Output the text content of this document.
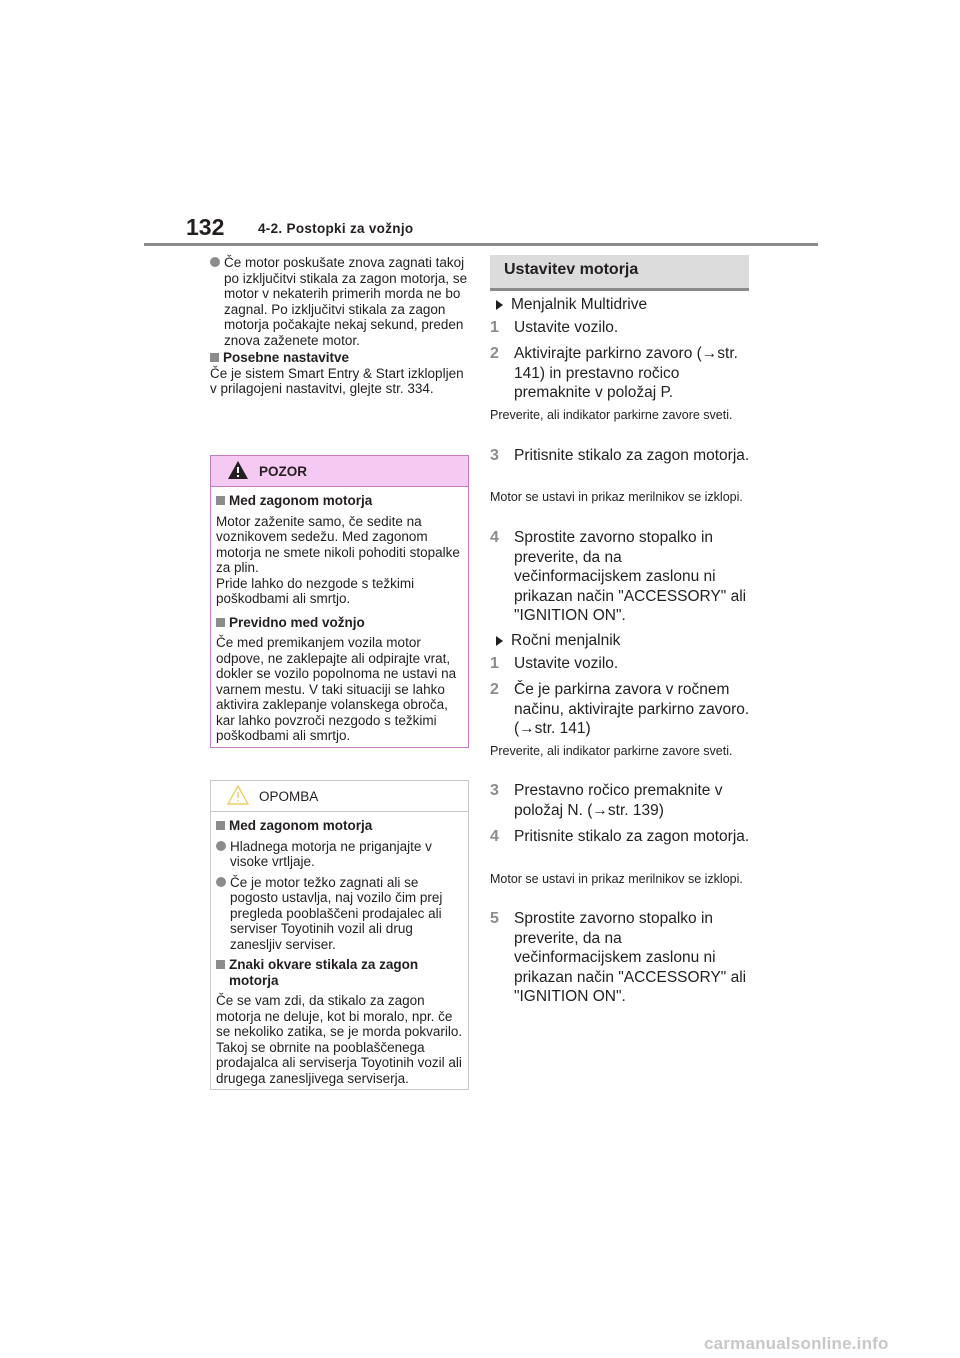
132 4-2. Postopki za vožnjo
Če motor poskušate znova zagnati takoj po izključitvi stikala za zagon motorja, se motor v nekaterih primerih morda ne bo zagnal. Po izključitvi stikala za zagon motorja počakajte nekaj sekund, preden znova zaženete motor.
Posebne nastavitve
Če je sistem Smart Entry & Start izklopljen v prilagojeni nastavitvi, glejte str. 334.
POZOR
Med zagonom motorja
Motor zaženite samo, če sedite na voznikovem sedežu. Med zagonom motorja ne smete nikoli pohoditi stopalke za plin.
Pride lahko do nezgode s težkimi poškodbami ali smrtjo.
Previdno med vožnjo
Če med premikanjem vozila motor odpove, ne zaklepajte ali odpirajte vrat, dokler se vozilo popolnoma ne ustavi na varnem mestu. V taki situaciji se lahko aktivira zaklepanje volanskega obroča, kar lahko povzroči nezgodo s težkimi poškodbami ali smrtjo.
OPOMBA
Med zagonom motorja
Hladnega motorja ne priganjajte v visoke vrtljaje.
Če je motor težko zagnati ali se pogosto ustavlja, naj vozilo čim prej pregleda pooblaščeni prodajalec ali serviser Toyotinih vozil ali drug zanesljiv serviser.
Znaki okvare stikala za zagon motorja
Če se vam zdi, da stikalo za zagon motorja ne deluje, kot bi moralo, npr. če se nekoliko zatika, se je morda pokvarilo. Takoj se obrnite na pooblaščenega prodajalca ali serviserja Toyotinih vozil ali drugega zanesljivega serviserja.
Ustavitev motorja
Menjalnik Multidrive
1 Ustavite vozilo.
2 Aktivirajte parkirno zavoro (→str. 141) in prestavno ročico premaknite v položaj P.
Preverite, ali indikator parkirne zavore sveti.
3 Pritisnite stikalo za zagon motorja.
Motor se ustavi in prikaz merilnikov se izklopi.
4 Sprostite zavorno stopalko in preverite, da na večinformacijskem zaslonu ni prikazan način "ACCESSORY" ali "IGNITION ON".
Ročni menjalnik
1 Ustavite vozilo.
2 Če je parkirna zavora v ročnem načinu, aktivirajte parkirno zavoro. (→str. 141)
Preverite, ali indikator parkirne zavore sveti.
3 Prestavno ročico premaknite v položaj N. (→str. 139)
4 Pritisnite stikalo za zagon motorja.
Motor se ustavi in prikaz merilnikov se izklopi.
5 Sprostite zavorno stopalko in preverite, da na večinformacijskem zaslonu ni prikazan način "ACCESSORY" ali "IGNITION ON".
carmanualsonline.info
